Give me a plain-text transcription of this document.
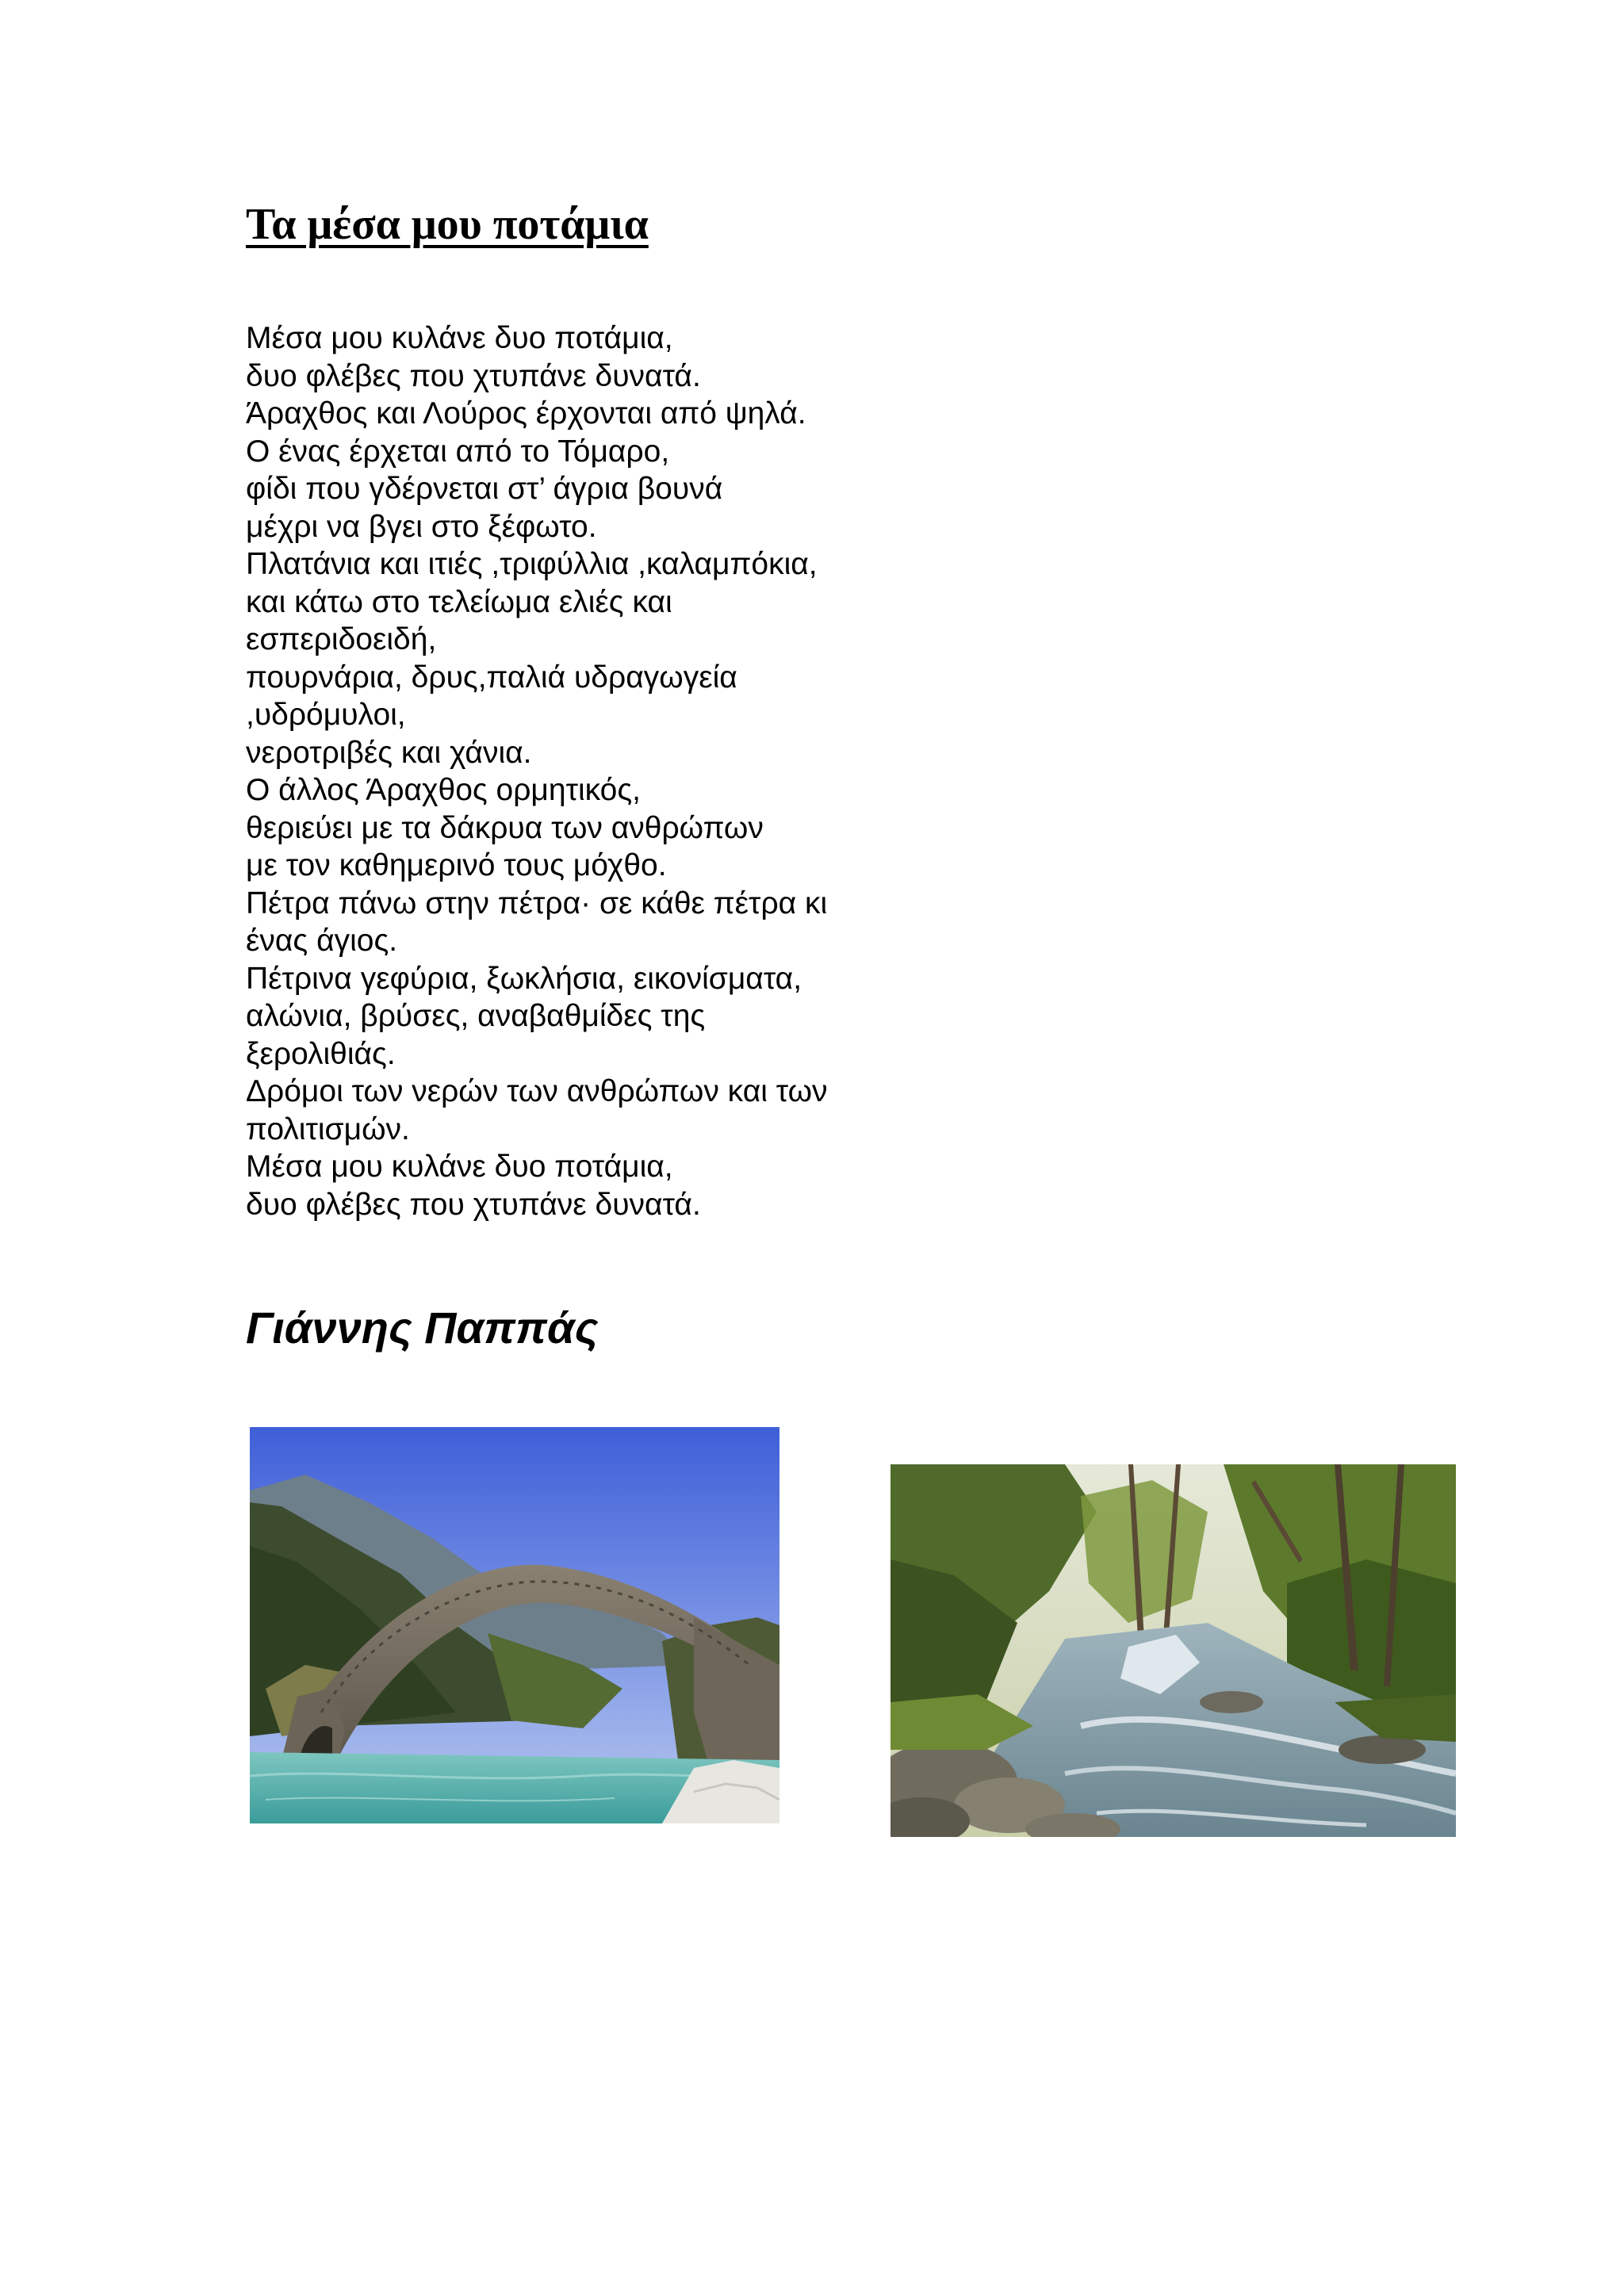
Τα μέσα μου ποτάμια
Μέσα μου κυλάνε δυο ποτάμια,
δυο φλέβες που χτυπάνε δυνατά.
Άραχθος και Λούρος έρχονται από ψηλά.
Ο ένας έρχεται από το Τόμαρο,
φίδι που γδέρνεται στ’ άγρια βουνά
μέχρι να βγει στο ξέφωτο.
Πλατάνια και ιτιές ,τριφύλλια ,καλαμπόκια,
και κάτω στο τελείωμα ελιές και
εσπεριδοειδή,
πουρνάρια, δρυς,παλιά υδραγωγεία
,υδρόμυλοι,
νεροτριβές και χάνια.
Ο άλλος Άραχθος ορμητικός,
θεριεύει με τα δάκρυα των ανθρώπων
με τον καθημερινό τους μόχθο.
Πέτρα πάνω στην πέτρα· σε κάθε πέτρα κι
ένας άγιος.
Πέτρινα γεφύρια, ξωκλήσια, εικονίσματα,
αλώνια, βρύσες, αναβαθμίδες της
ξερολιθιάς.
Δρόμοι των νερών των ανθρώπων και των
πολιτισμών.
Μέσα μου κυλάνε δυο ποτάμια,
δυο φλέβες που χτυπάνε δυνατά.
Γιάννης Παππάς
